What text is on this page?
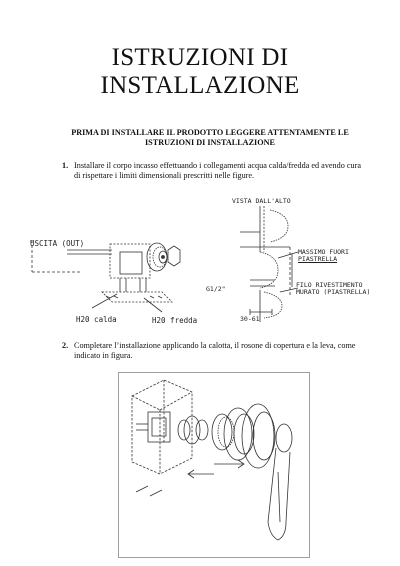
ISTRUZIONI DI
INSTALLAZIONE
PRIMA DI INSTALLARE IL PRODOTTO LEGGERE ATTENTAMENTE LE ISTRUZIONI DI INSTALLAZIONE
1. Installare il corpo incasso effettuando i collegamenti acqua calda/fredda ed avendo cura di rispettare i limiti dimensionali prescritti nelle figure.
USCITA (OUT)
H20 calda	H20 fredda
VISTA DALL'ALTO
MASSIMO FUORI
PIASTRELLA
G1/2"	FILO RIVESTIMENTO
MURATO (PIASTRELLA)
30-61
2. Completare l’installazione applicando la calotta, il rosone di copertura e la leva, come indicato in figura.
